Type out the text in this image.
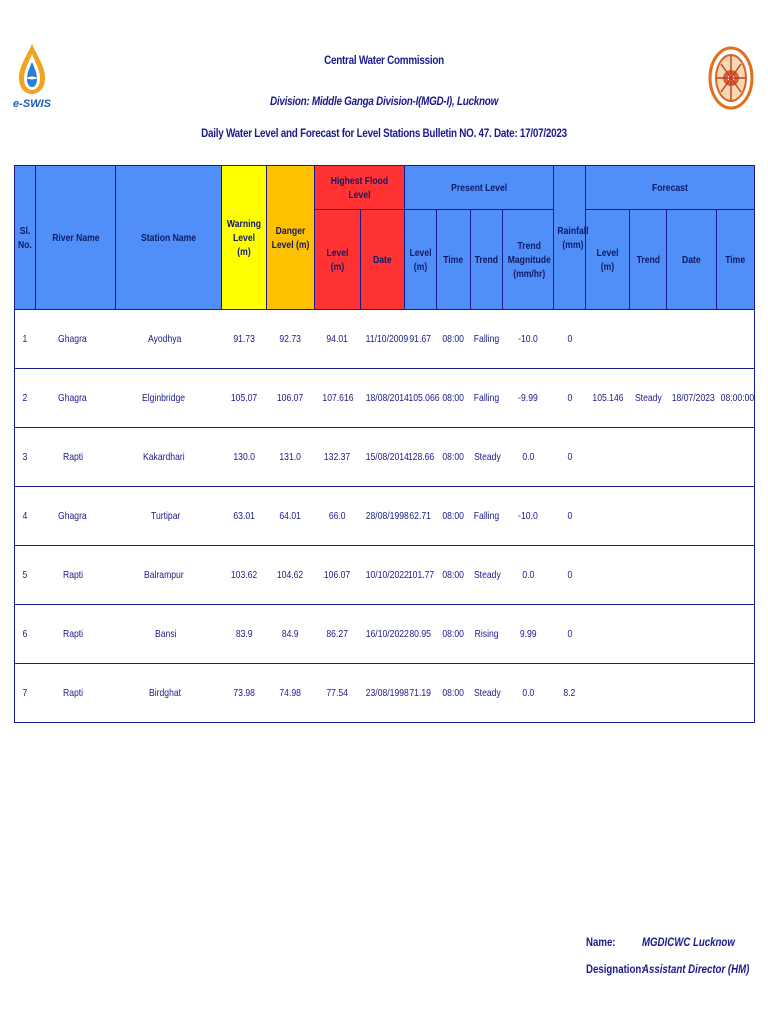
e-SWIS
Central Water Commission
Division: Middle Ganga Division-I(MGD-I), Lucknow
Daily Water Level and Forecast for Level Stations Bulletin NO. 47. Date: 17/07/2023
Sl. No.	River Name	Station Name	Warning Level (m)	Danger Level (m)	Highest Flood Level		Present Level				Rainfall (mm)	Forecast			
					Level (m)	Date	Level (m)	Time	Trend	Trend Magnitude (mm/hr)		Level (m)	Trend	Date	Time
1	Ghagra	Ayodhya	91.73	92.73	94.01	11/10/2009	91.67	08:00	Falling	-10.0	0				
2	Ghagra	Elginbridge	105.07	106.07	107.616	18/08/2014	105.066	08:00	Falling	-9.99	0	105.146	Steady	18/07/2023	08:00:00
3	Rapti	Kakardhari	130.0	131.0	132.37	15/08/2014	128.66	08:00	Steady	0.0	0				
4	Ghagra	Turtipar	63.01	64.01	66.0	28/08/1998	62.71	08:00	Falling	-10.0	0				
5	Rapti	Balrampur	103.62	104.62	106.07	10/10/2022	101.77	08:00	Steady	0.0	0				
6	Rapti	Bansi	83.9	84.9	86.27	16/10/2022	80.95	08:00	Rising	9.99	0				
7	Rapti	Birdghat	73.98	74.98	77.54	23/08/1998	71.19	08:00	Steady	0.0	8.2				
Name: MGDICWC Lucknow
Designation:
Assistant Director (HM)
